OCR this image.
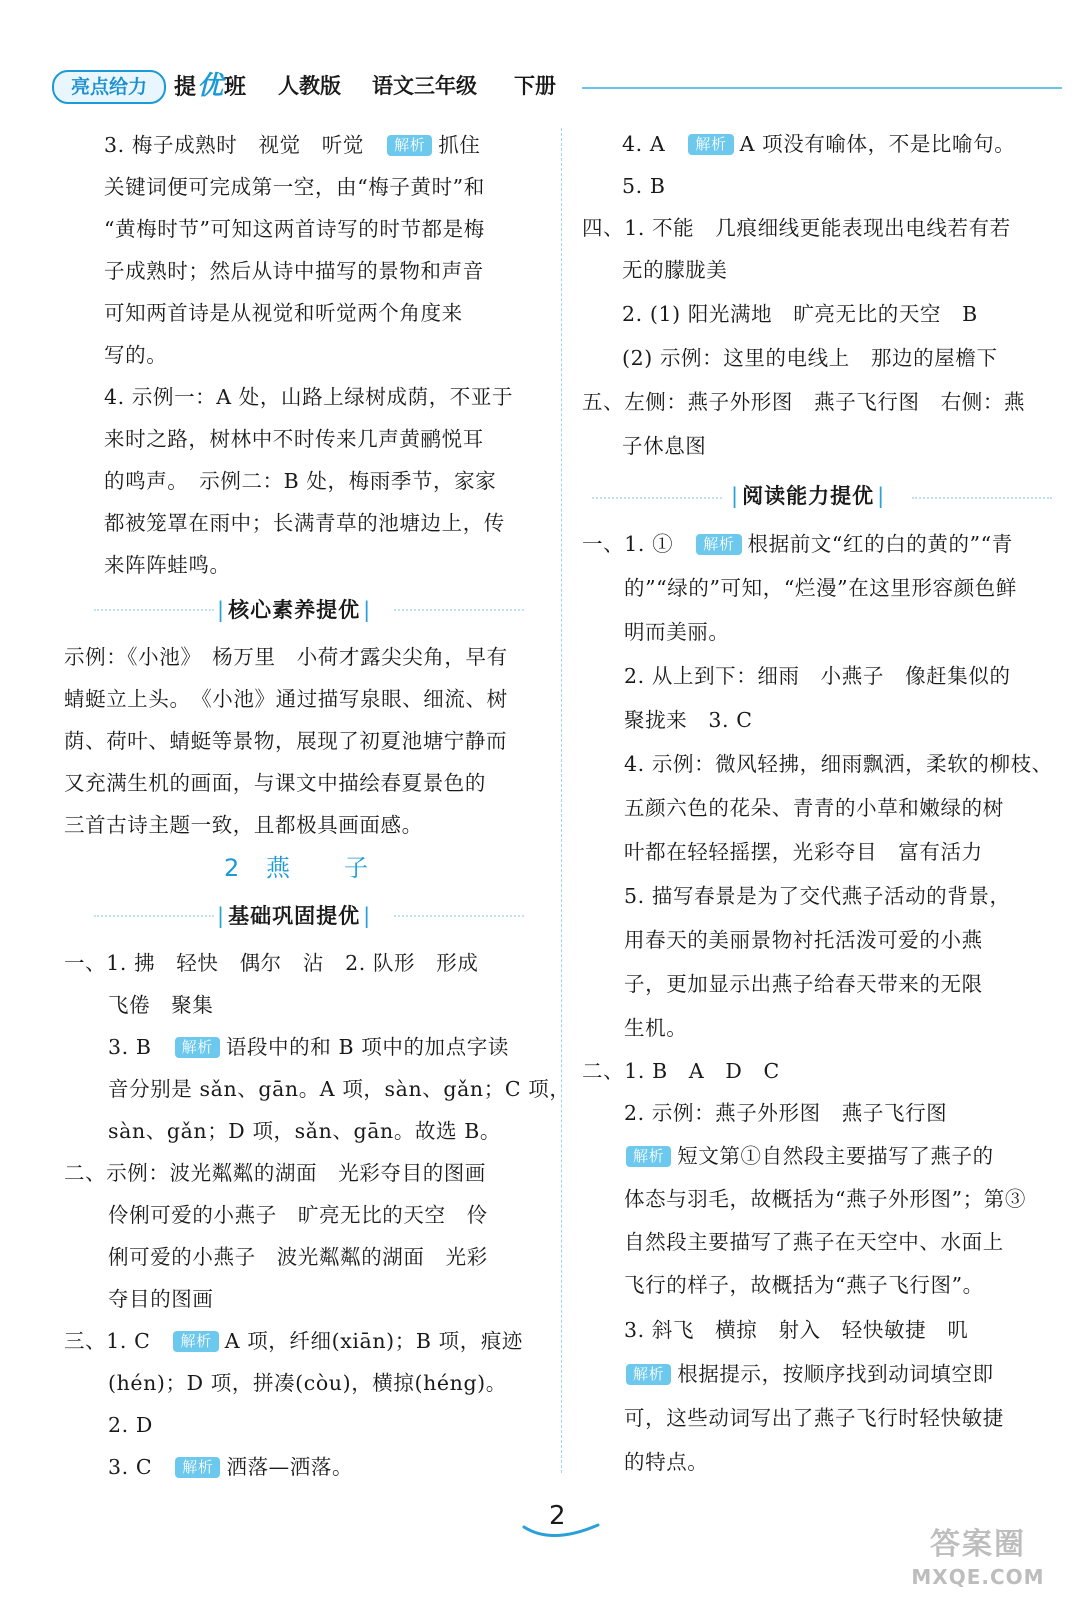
亮点给力	提优班 人教版 语文三年级 下册
3. 梅子成熟时　视觉　听觉　 解析 抓住
关键词便可完成第一空，由“梅子黄时”和
“黄梅时节”可知这两首诗写的时节都是梅
子成熟时；然后从诗中描写的景物和声音
可知两首诗是从视觉和听觉两个角度来
写的。
4. 示例一：A 处，山路上绿树成荫，不亚于
来时之路，树林中不时传来几声黄鹂悦耳
的鸣声。　示例二：B 处，梅雨季节，家家
都被笼罩在雨中；长满青草的池塘边上，传
来阵阵蛙鸣。
| 核心素养提优 |
示例：《小池》　杨万里　小荷才露尖尖角，早有
蜻蜓立上头。　《小池》通过描写泉眼、细流、树
荫、荷叶、蜻蜓等景物，展现了初夏池塘宁静而
又充满生机的画面，与课文中描绘春夏景色的
三首古诗主题一致，且都极具画面感。
2 燕　　子
| 基础巩固提优 |
一、1. 拂　轻快　偶尔　沾　2. 队形　形成
飞倦　聚集
3. B　 解析 语段中的和 B 项中的加点字读
音分别是 sǎn、gān。A 项，sàn、gǎn；C 项，
sàn、gǎn；D 项，sǎn、gān。故选 B。
二、示例：波光粼粼的湖面　光彩夺目的图画
伶俐可爱的小燕子　旷亮无比的天空　伶
俐可爱的小燕子　波光粼粼的湖面　光彩
夺目的图画
三、1. C　 解析 A 项，纤细(xiān)；B 项，痕迹
(hén)；D 项，拼凑(còu)，横掠(héng)。
2. D
3. C　 解析 洒落—洒落。
4. A　 解析 A 项没有喻体，不是比喻句。
5. B
四、1. 不能　几痕细线更能表现出电线若有若
无的朦胧美
2. (1) 阳光满地　旷亮无比的天空　B
(2) 示例：这里的电线上　那边的屋檐下
五、左侧：燕子外形图　燕子飞行图　右侧：燕
子休息图
| 阅读能力提优 |
一、1. ①　 解析 根据前文“红的白的黄的”“青
的”“绿的”可知，“烂漫”在这里形容颜色鲜
明而美丽。
2. 从上到下：细雨　小燕子　像赶集似的
聚拢来　3. C
4. 示例：微风轻拂，细雨飘洒，柔软的柳枝、
五颜六色的花朵、青青的小草和嫩绿的树
叶都在轻轻摇摆，光彩夺目　富有活力
5. 描写春景是为了交代燕子活动的背景，
用春天的美丽景物衬托活泼可爱的小燕
子，更加显示出燕子给春天带来的无限
生机。
二、1. B　A　D　C
2. 示例：燕子外形图　燕子飞行图
解析 短文第①自然段主要描写了燕子的
体态与羽毛，故概括为“燕子外形图”；第③
自然段主要描写了燕子在天空中、水面上
飞行的样子，故概括为“燕子飞行图”。
3. 斜飞　横掠　射入　轻快敏捷　叽
解析 根据提示，按顺序找到动词填空即
可，这些动词写出了燕子飞行时轻快敏捷
的特点。
2
答案圈
MXQE.COM
